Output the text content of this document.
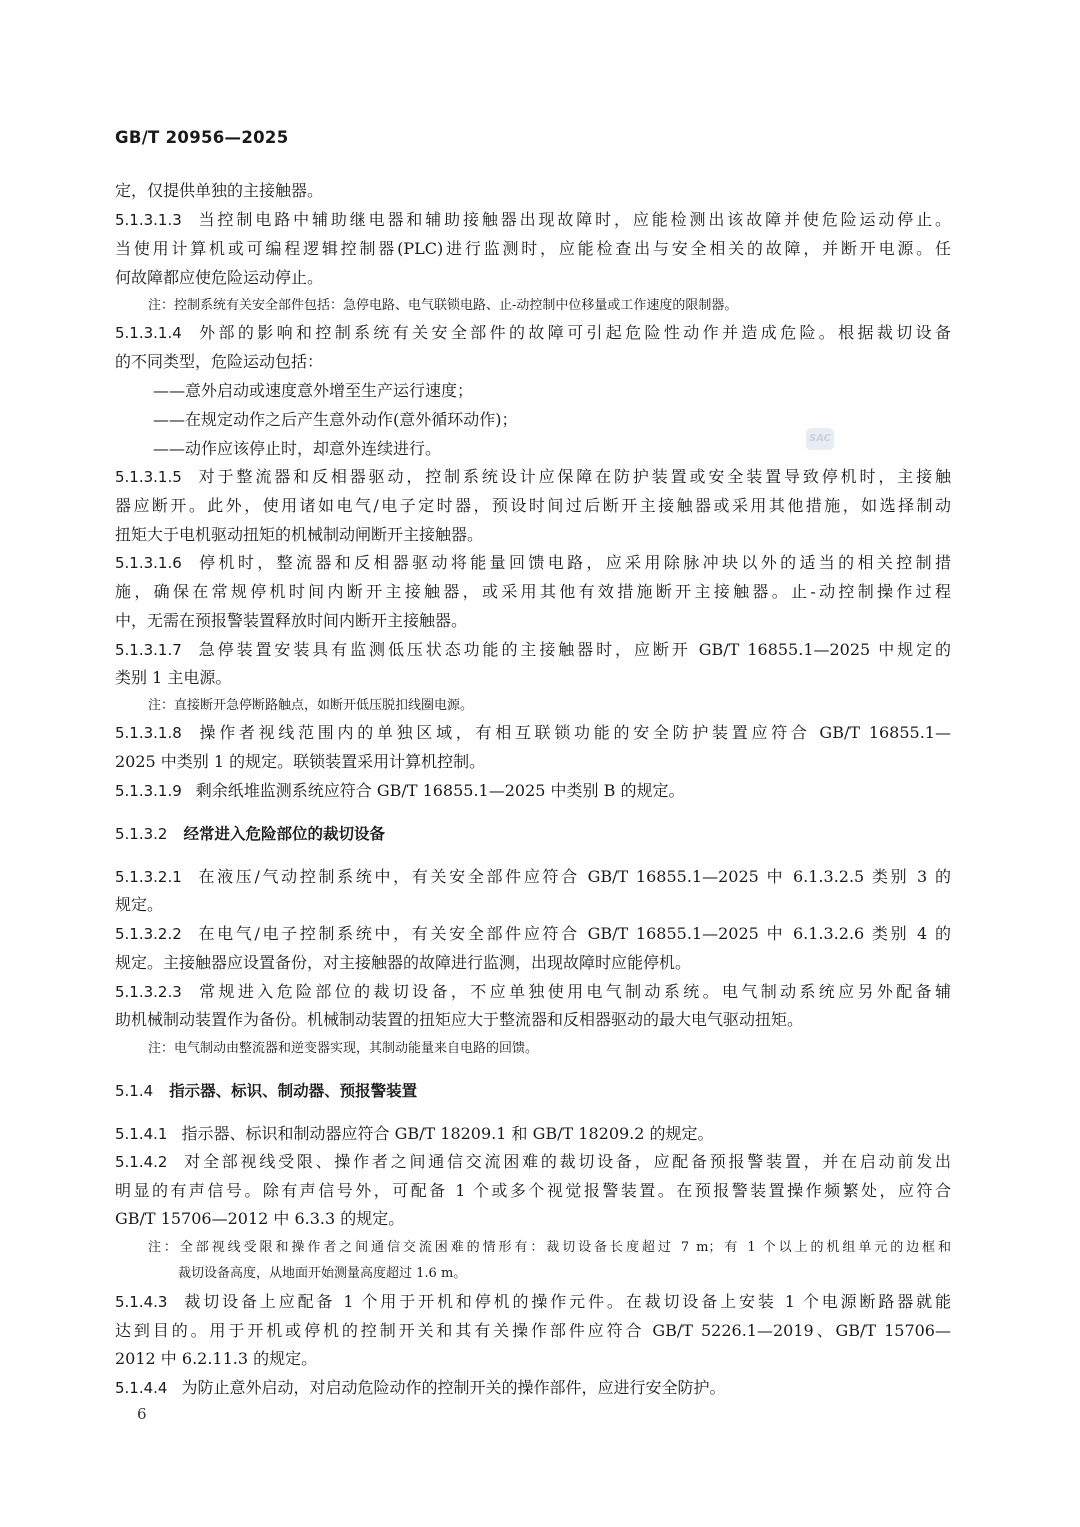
GB/T 20956—2025
定，仅提供单独的主接触器。
5.1.3.1.3 当控制电路中辅助继电器和辅助接触器出现故障时，应能检测出该故障并使危险运动停止。
当使用计算机或可编程逻辑控制器(PLC)进行监测时，应能检查出与安全相关的故障，并断开电源。任
何故障都应使危险运动停止。
注：控制系统有关安全部件包括：急停电路、电气联锁电路、止-动控制中位移量或工作速度的限制器。
5.1.3.1.4 外部的影响和控制系统有关安全部件的故障可引起危险性动作并造成危险。根据裁切设备
的不同类型，危险运动包括：
——意外启动或速度意外增至生产运行速度；
——在规定动作之后产生意外动作(意外循环动作)；
——动作应该停止时，却意外连续进行。
5.1.3.1.5 对于整流器和反相器驱动，控制系统设计应保障在防护装置或安全装置导致停机时，主接触
器应断开。此外，使用诸如电气/电子定时器，预设时间过后断开主接触器或采用其他措施，如选择制动
扭矩大于电机驱动扭矩的机械制动闸断开主接触器。
5.1.3.1.6 停机时，整流器和反相器驱动将能量回馈电路，应采用除脉冲块以外的适当的相关控制措
施，确保在常规停机时间内断开主接触器，或采用其他有效措施断开主接触器。止-动控制操作过程
中，无需在预报警装置释放时间内断开主接触器。
5.1.3.1.7 急停装置安装具有监测低压状态功能的主接触器时，应断开 GB/T 16855.1—2025 中规定的
类别 1 主电源。
注：直接断开急停断路触点，如断开低压脱扣线圈电源。
5.1.3.1.8 操作者视线范围内的单独区域，有相互联锁功能的安全防护装置应符合 GB/T 16855.1—
2025 中类别 1 的规定。联锁装置采用计算机控制。
5.1.3.1.9 剩余纸堆监测系统应符合 GB/T 16855.1—2025 中类别 B 的规定。
5.1.3.2 经常进入危险部位的裁切设备
5.1.3.2.1 在液压/气动控制系统中，有关安全部件应符合 GB/T 16855.1—2025 中 6.1.3.2.5 类别 3 的
规定。
5.1.3.2.2 在电气/电子控制系统中，有关安全部件应符合 GB/T 16855.1—2025 中 6.1.3.2.6 类别 4 的
规定。主接触器应设置备份，对主接触器的故障进行监测，出现故障时应能停机。
5.1.3.2.3 常规进入危险部位的裁切设备，不应单独使用电气制动系统。电气制动系统应另外配备辅
助机械制动装置作为备份。机械制动装置的扭矩应大于整流器和反相器驱动的最大电气驱动扭矩。
注：电气制动由整流器和逆变器实现，其制动能量来自电路的回馈。
5.1.4 指示器、标识、制动器、预报警装置
5.1.4.1 指示器、标识和制动器应符合 GB/T 18209.1 和 GB/T 18209.2 的规定。
5.1.4.2 对全部视线受限、操作者之间通信交流困难的裁切设备，应配备预报警装置，并在启动前发出
明显的有声信号。除有声信号外，可配备 1 个或多个视觉报警装置。在预报警装置操作频繁处，应符合
GB/T 15706—2012 中 6.3.3 的规定。
注：全部视线受限和操作者之间通信交流困难的情形有：裁切设备长度超过 7 m；有 1 个以上的机组单元的边框和
裁切设备高度，从地面开始测量高度超过 1.6 m。
5.1.4.3 裁切设备上应配备 1 个用于开机和停机的操作元件。在裁切设备上安装 1 个电源断路器就能
达到目的。用于开机或停机的控制开关和其有关操作部件应符合 GB/T 5226.1—2019、GB/T 15706—
2012 中 6.2.11.3 的规定。
5.1.4.4 为防止意外启动，对启动危险动作的控制开关的操作部件，应进行安全防护。
SAC
6
